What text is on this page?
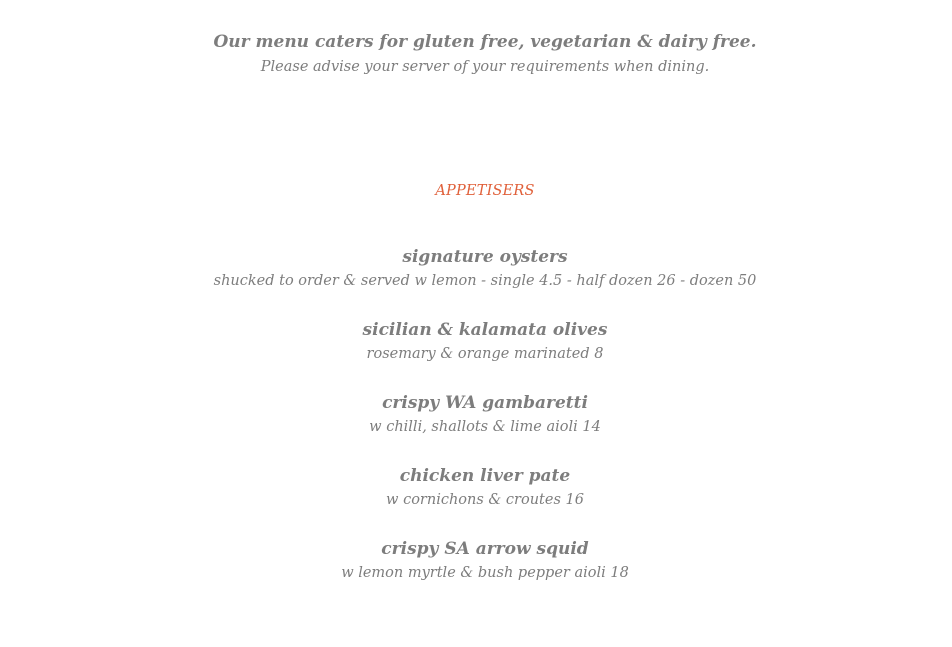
Our menu caters for gluten free, vegetarian & dairy free.
Please advise your server of your requirements when dining.
APPETISERS
signature oysters
shucked to order & served w lemon - single 4.5 - half dozen 26 - dozen 50
sicilian & kalamata olives
rosemary & orange marinated 8
crispy WA gambaretti
w chilli, shallots & lime aioli 14
chicken liver pate
w cornichons & croutes 16
crispy SA arrow squid
w lemon myrtle & bush pepper aioli 18
